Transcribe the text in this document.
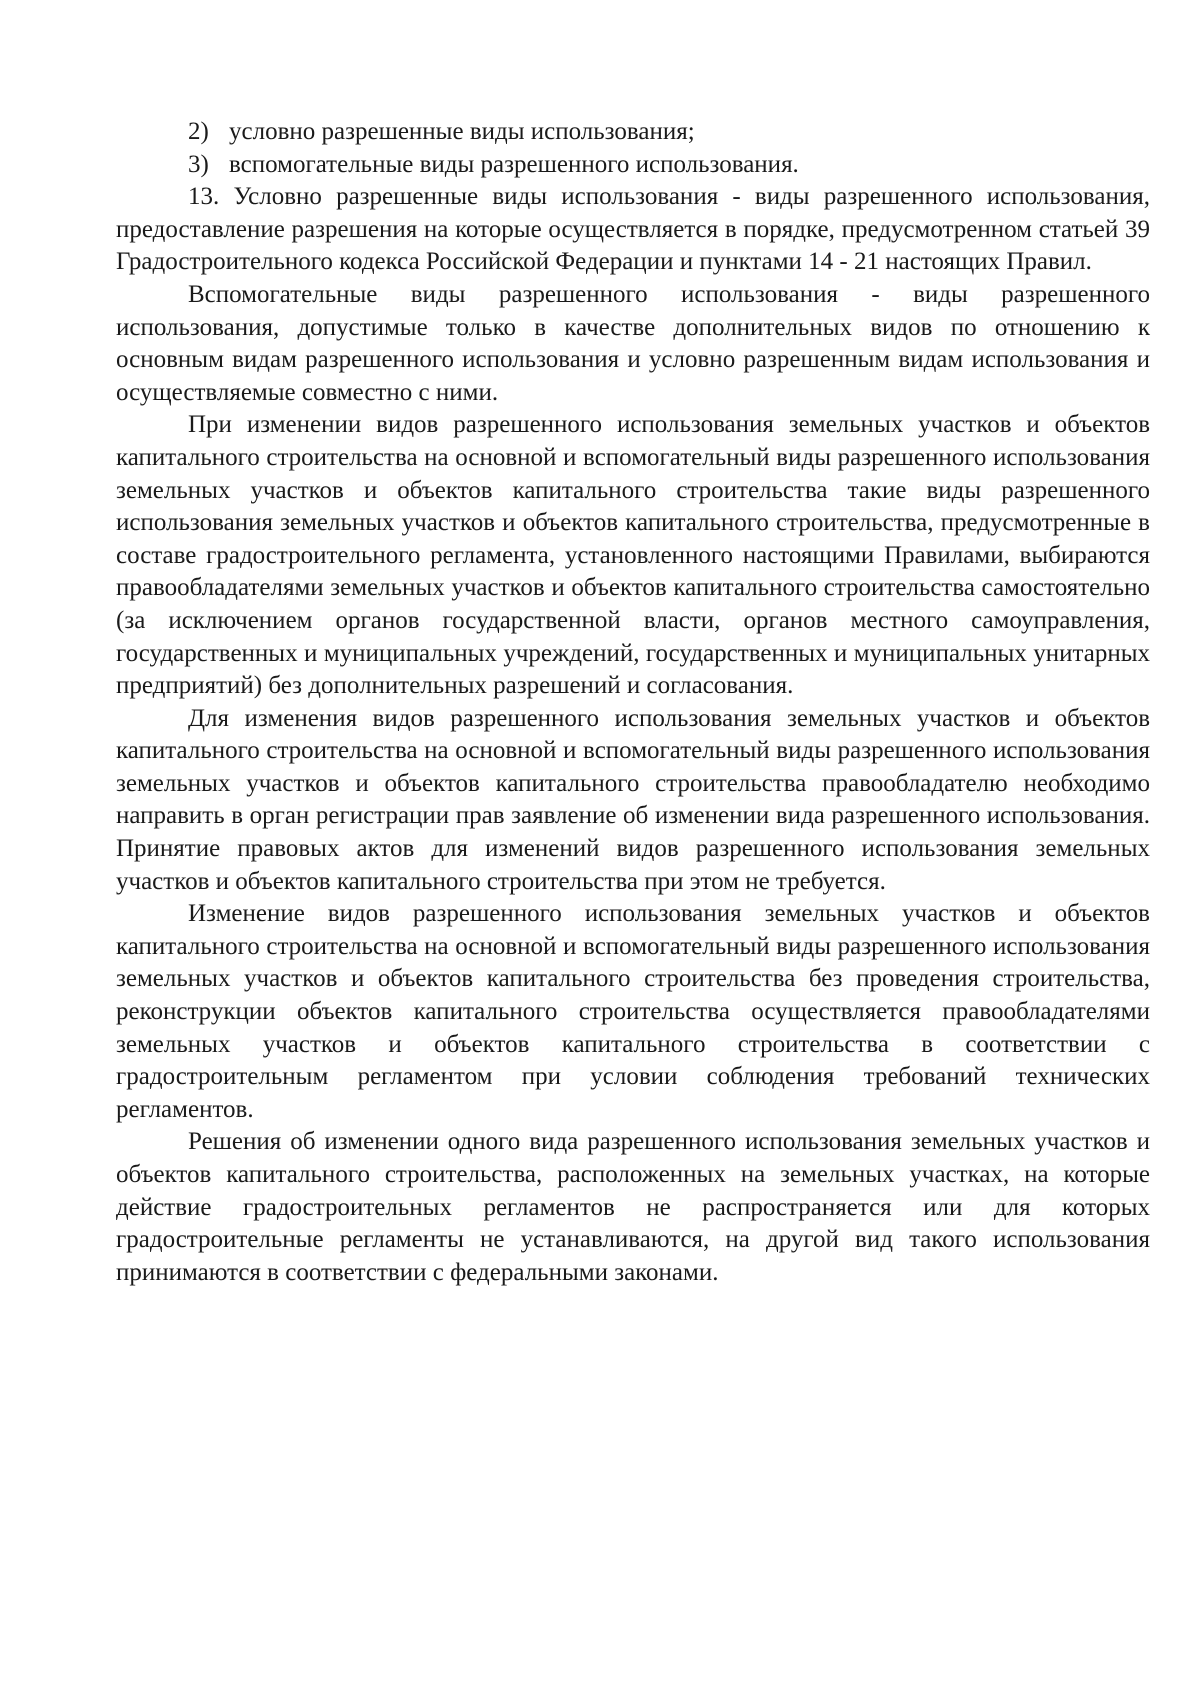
2) условно разрешенные виды использования;

3) вспомогательные виды разрешенного использования.

13. Условно разрешенные виды использования - виды разрешенного использования, предоставление разрешения на которые осуществляется в порядке, предусмотренном статьей 39 Градостроительного кодекса Российской Федерации и пунктами 14 - 21 настоящих Правил.

Вспомогательные виды разрешенного использования - виды разрешенного использования, допустимые только в качестве дополнительных видов по отношению к основным видам разрешенного использования и условно разрешенным видам использования и осуществляемые совместно с ними.

При изменении видов разрешенного использования земельных участков и объектов капитального строительства на основной и вспомогательный виды разрешенного использования земельных участков и объектов капитального строительства такие виды разрешенного использования земельных участков и объектов капитального строительства, предусмотренные в составе градостроительного регламента, установленного настоящими Правилами, выбираются правообладателями земельных участков и объектов капитального строительства самостоятельно (за исключением органов государственной власти, органов местного самоуправления, государственных и муниципальных учреждений, государственных и муниципальных унитарных предприятий) без дополнительных разрешений и согласования.

Для изменения видов разрешенного использования земельных участков и объектов капитального строительства на основной и вспомогательный виды разрешенного использования земельных участков и объектов капитального строительства правообладателю необходимо направить в орган регистрации прав заявление об изменении вида разрешенного использования. Принятие правовых актов для изменений видов разрешенного использования земельных участков и объектов капитального строительства при этом не требуется.

Изменение видов разрешенного использования земельных участков и объектов капитального строительства на основной и вспомогательный виды разрешенного использования земельных участков и объектов капитального строительства без проведения строительства, реконструкции объектов капитального строительства осуществляется правообладателями земельных участков и объектов капитального строительства в соответствии с градостроительным регламентом при условии соблюдения требований технических регламентов.

Решения об изменении одного вида разрешенного использования земельных участков и объектов капитального строительства, расположенных на земельных участках, на которые действие градостроительных регламентов не распространяется или для которых градостроительные регламенты не устанавливаются, на другой вид такого использования принимаются в соответствии с федеральными законами.
